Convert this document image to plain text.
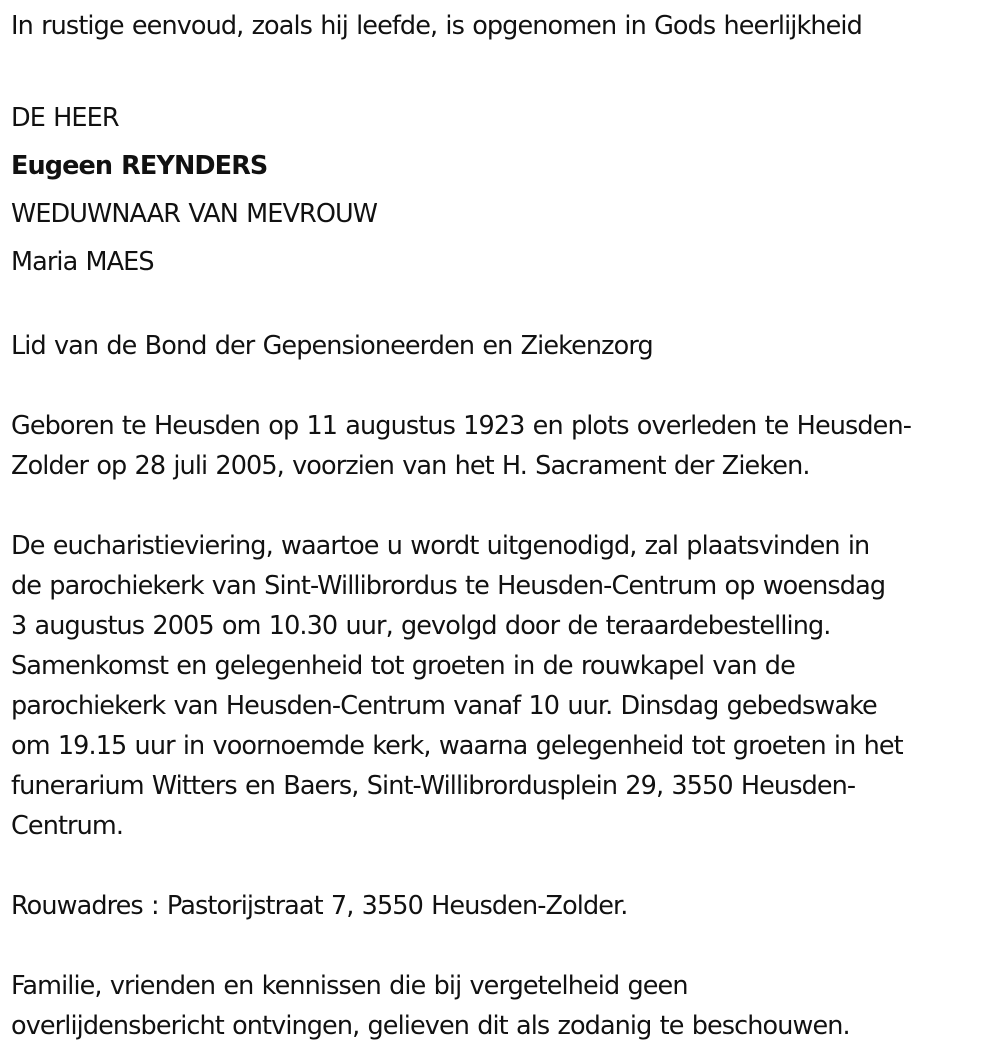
In rustige eenvoud, zoals hij leefde, is opgenomen in Gods heerlijkheid
DE HEER
Eugeen REYNDERS
WEDUWNAAR VAN MEVROUW
Maria MAES
Lid van de Bond der Gepensioneerden en Ziekenzorg
Geboren te Heusden op 11 augustus 1923 en plots overleden te Heusden-
Zolder op 28 juli 2005, voorzien van het H. Sacrament der Zieken.
De eucharistieviering, waartoe u wordt uitgenodigd, zal plaatsvinden in
de parochiekerk van Sint-Willibrordus te Heusden-Centrum op woensdag
3 augustus 2005 om 10.30 uur, gevolgd door de teraardebestelling.
Samenkomst en gelegenheid tot groeten in de rouwkapel van de
parochiekerk van Heusden-Centrum vanaf 10 uur. Dinsdag gebedswake
om 19.15 uur in voornoemde kerk, waarna gelegenheid tot groeten in het
funerarium Witters en Baers, Sint-Willibrordusplein 29, 3550 Heusden-
Centrum.
Rouwadres : Pastorijstraat 7, 3550 Heusden-Zolder.
Familie, vrienden en kennissen die bij vergetelheid geen
overlijdensbericht ontvingen, gelieven dit als zodanig te beschouwen.
